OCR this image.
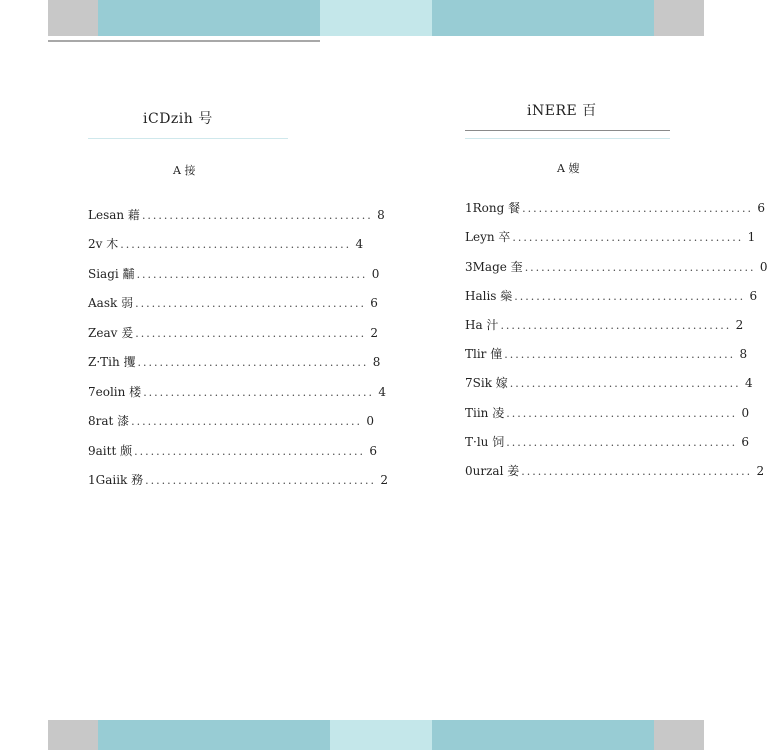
iCDzih 号
A 接
Lesan 藉 .......................................... 8
2v 木 .......................................... 4
Siagi 黼 .......................................... 0
Aask 弱 .......................................... 6
Zeav 爰 .......................................... 2
Z·Tih 攫 .......................................... 8
7eolin 楼 .......................................... 4
8rat 漆 .......................................... 0
9aitt 颇 .......................................... 6
1Gaiik 務 .......................................... 2
iNERE 百
A 嫂
1Rong 餐 .......................................... 6
Leyn 卒 .......................................... 1
3Mage 奎 .......................................... 0
Halis 橤 .......................................... 6
Ha 汁 .......................................... 2
Tlir 僮 .......................................... 8
7Sik 嫁 .......................................... 4
Tiin 凌 .......................................... 0
T·lu 饲 .......................................... 6
0urzal 姜 .......................................... 2
